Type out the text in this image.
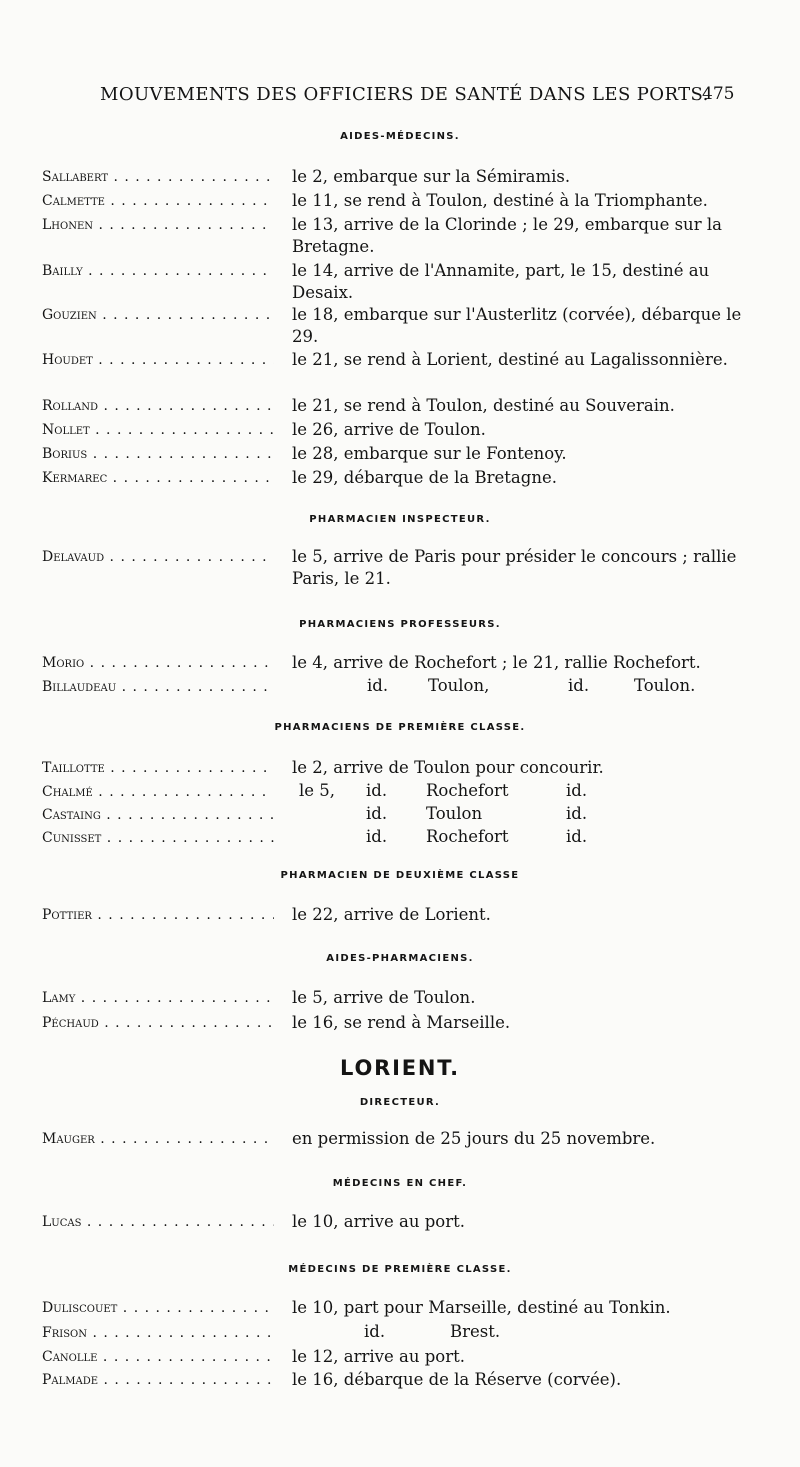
MOUVEMENTS DES OFFICIERS DE SANTÉ DANS LES PORTS.
475
AIDES-MÉDECINS.
Sallabert . . .	le 2, embarque sur la Sémiramis.
Calmette . . .	le 11, se rend à Toulon, destiné à la Triomphante.
Lhonen . . .	le 13, arrive de la Clorinde ; le 29, embarque sur la Bretagne.
Bailly . . .	le 14, arrive de l'Annamite, part, le 15, destiné au Desaix.
Gouzien . . .	le 18, embarque sur l'Austerlitz (corvée), débarque le 29.
Houdet . . .	le 21, se rend à Lorient, destiné au Lagalissonnière.
Rolland . . .	le 21, se rend à Toulon, destiné au Souverain.
Nollet . . .	le 26, arrive de Toulon.
Borius . . .	le 28, embarque sur le Fontenoy.
Kermarec . . .	le 29, débarque de la Bretagne.
PHARMACIEN INSPECTEUR.
Delavaud . . .	le 5, arrive de Paris pour présider le concours ; rallie Paris, le 21.
PHARMACIENS PROFESSEURS.
Morio . . .	le 4, arrive de Rochefort ; le 21, rallie Rochefort.
Billaudeau . . .	id. Toulon,	id.	Toulon.
PHARMACIENS DE PREMIÈRE CLASSE.
Taillotte . . .	le 2, arrive de Toulon pour concourir.
Chalmé . . .	le 5, id. Rochefort	id.
Castaing . . .	id. Toulon	id.
Cunisset . . .	id. Rochefort	id.
PHARMACIEN DE DEUXIÈME CLASSE
Pottier . . .	le 22, arrive de Lorient.
AIDES-PHARMACIENS.
Lamy . . .	le 5, arrive de Toulon.
Péchaud . . .	le 16, se rend à Marseille.
LORIENT.
DIRECTEUR.
Mauger . . .	en permission de 25 jours du 25 novembre.
MÉDECINS EN CHEF.
Lucas . . .	le 10, arrive au port.
MÉDECINS DE PREMIÈRE CLASSE.
Duliscouet . . .	le 10, part pour Marseille, destiné au Tonkin.
Frison . . .	id.	Brest.
Canolle . . .	le 12, arrive au port.
Palmade . . .	le 16, débarque de la Réserve (corvée).
